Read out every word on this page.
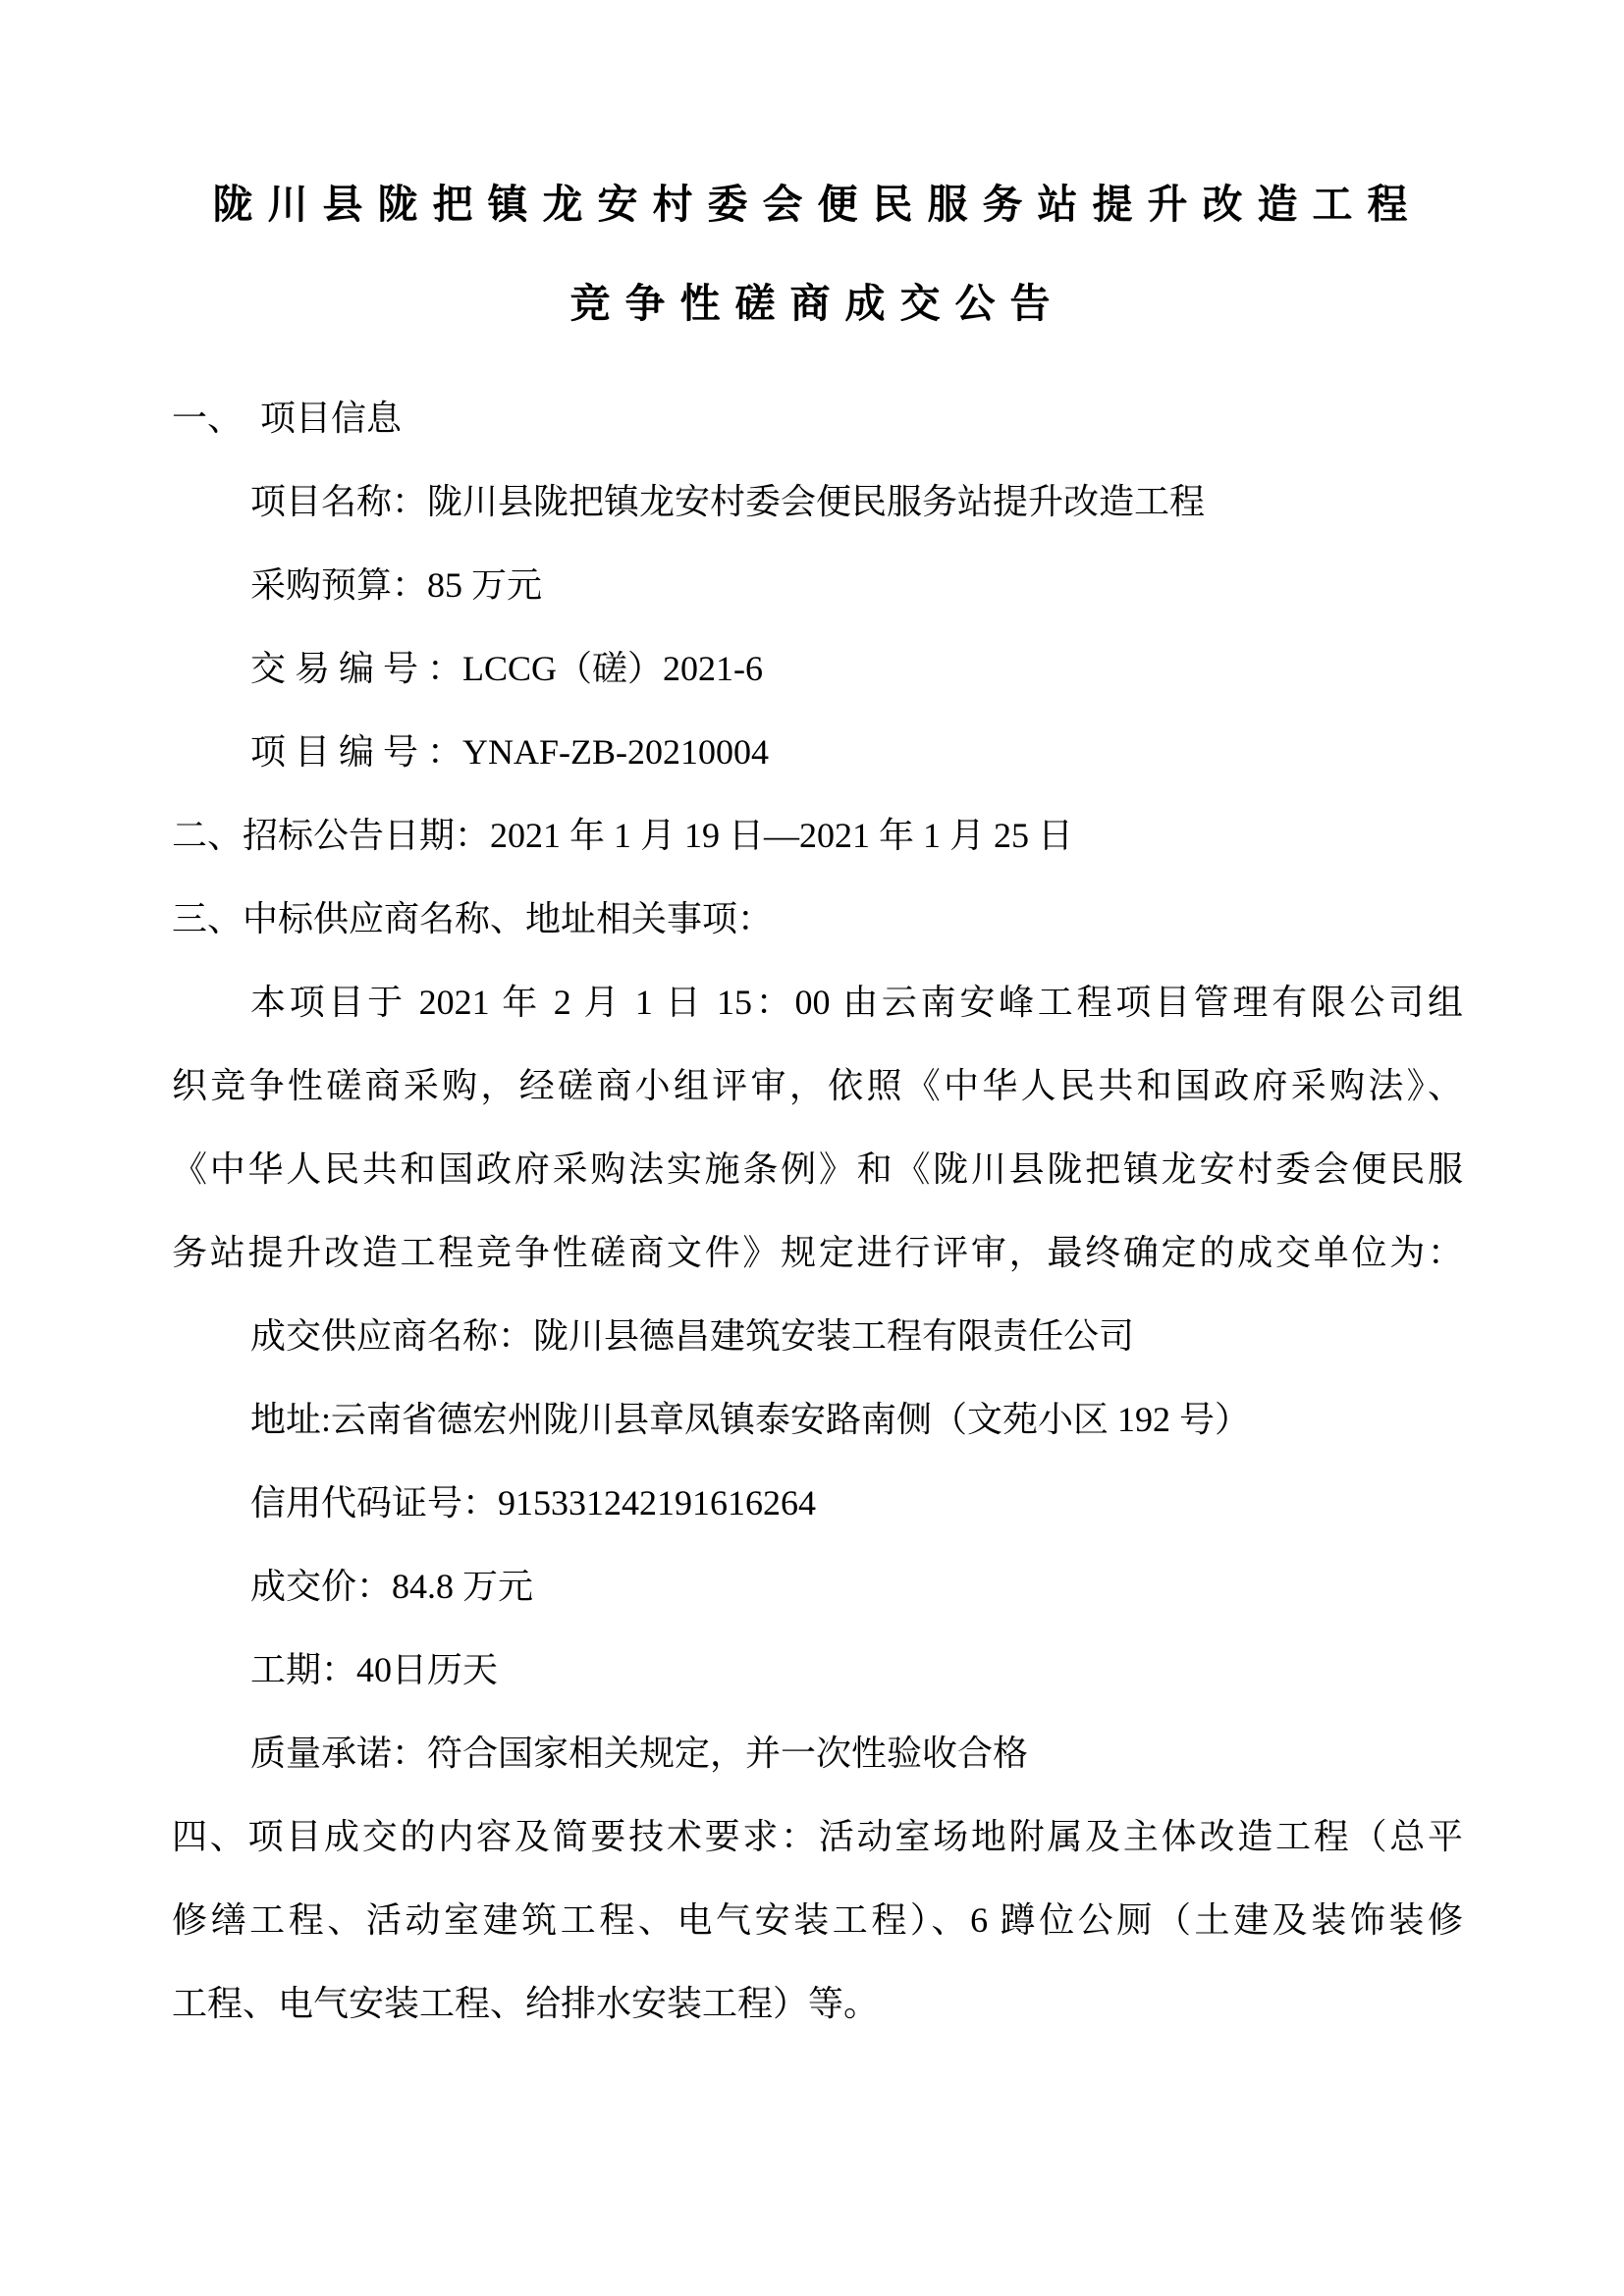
陇川县陇把镇龙安村委会便民服务站提升改造工程
竞争性磋商成交公告
一、　项目信息
项目名称：陇川县陇把镇龙安村委会便民服务站提升改造工程
采购预算：85 万元
交 易 编 号 ：LCCG（磋）2021-6
项 目 编 号 ：YNAF-ZB-20210004
二、招标公告日期：2021 年 1 月 19 日—2021 年 1 月 25 日
三、中标供应商名称、地址相关事项：
本项目于 2021 年 2 月 1 日 15：00 由云南安峰工程项目管理有限公司组
织竞争性磋商采购，经磋商小组评审，依照《中华人民共和国政府采购法》、
《中华人民共和国政府采购法实施条例》和《陇川县陇把镇龙安村委会便民服
务站提升改造工程竞争性磋商文件》规定进行评审，最终确定的成交单位为：
成交供应商名称：陇川县德昌建筑安装工程有限责任公司
地址:云南省德宏州陇川县章凤镇泰安路南侧（文苑小区 192 号）
信用代码证号：915331242191616264
成交价：84.8 万元
工期：40日历天
质量承诺：符合国家相关规定，并一次性验收合格
四、项目成交的内容及简要技术要求：活动室场地附属及主体改造工程（总平
修缮工程、活动室建筑工程、电气安装工程）、6 蹲位公厕（土建及装饰装修
工程、电气安装工程、给排水安装工程）等。
